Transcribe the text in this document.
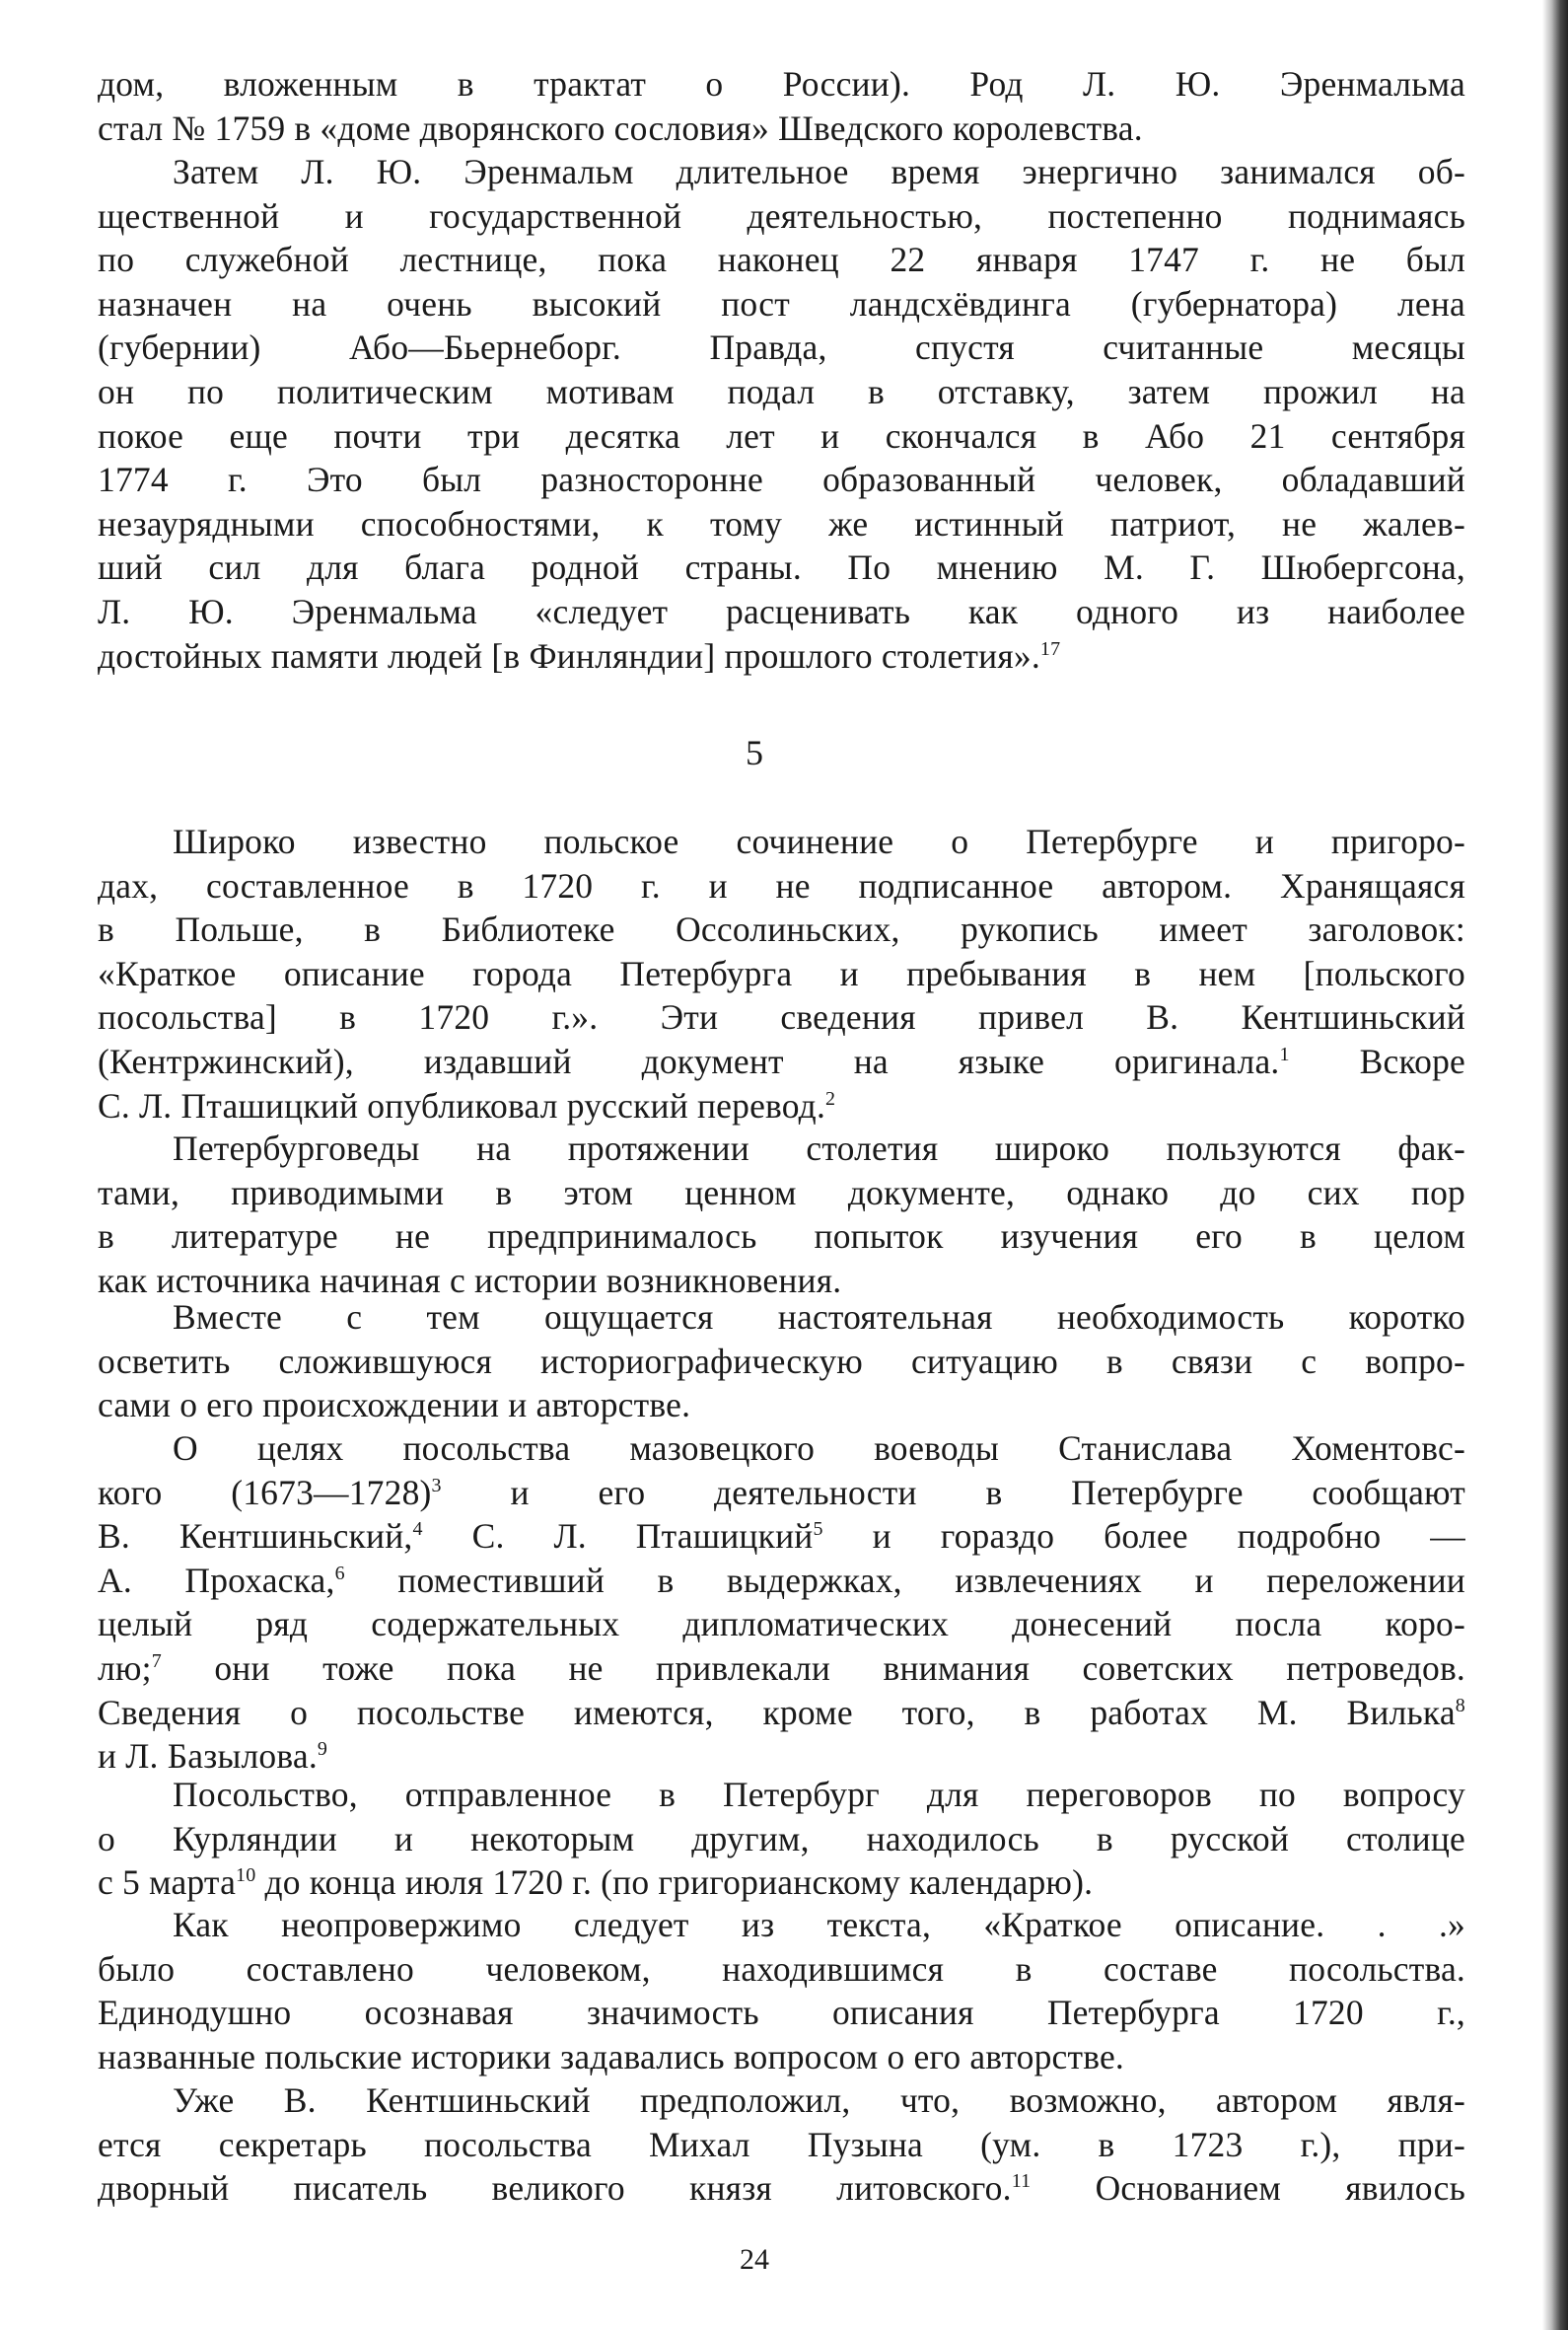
дом, вложенным в трактат о России). Род Л. Ю. Эренмальма
стал № 1759 в «доме дворянского сословия» Шведского королевства.
Затем Л. Ю. Эренмальм длительное время энергично занимался об-
щественной и государственной деятельностью, постепенно поднимаясь
по служебной лестнице, пока наконец 22 января 1747 г. не был
назначен на очень высокий пост ландсхёвдинга (губернатора) лена
(губернии) Або—Бьернеборг. Правда, спустя считанные месяцы
он по политическим мотивам подал в отставку, затем прожил на
покое еще почти три десятка лет и скончался в Або 21 сентября
1774 г. Это был разносторонне образованный человек, обладавший
незаурядными способностями, к тому же истинный патриот, не жалев-
ший сил для блага родной страны. По мнению М. Г. Шюбергсона,
Л. Ю. Эренмальма «следует расценивать как одного из наиболее
достойных памяти людей [в Финляндии] прошлого столетия».$^{17}$
Широко известно польское сочинение о Петербурге и пригоро-
дах, составленное в 1720 г. и не подписанное автором. Хранящаяся
в Польше, в Библиотеке Оссолиньских, рукопись имеет заголовок:
«Краткое описание города Петербурга и пребывания в нем [польского
посольства] в 1720 г.». Эти сведения привел В. Кентшиньский
(Кентржинский), издавший документ на языке оригинала.$^1$ Вскоре
С. Л. Пташицкий опубликовал русский перевод.$^2$
Петербурговеды на протяжении столетия широко пользуются фак-
тами, приводимыми в этом ценном документе, однако до сих пор
в литературе не предпринималось попыток изучения его в целом
как источника начиная с истории возникновения.
Вместе с тем ощущается настоятельная необходимость коротко
осветить сложившуюся историографическую ситуацию в связи с вопро-
сами о его происхождении и авторстве.
О целях посольства мазовецкого воеводы Станислава Хоментовс-
кого (1673—1728)$^3$ и его деятельности в Петербурге сообщают
В. Кентшиньский,$^4$ С. Л. Пташицкий$^5$ и гораздо более подробно —
А. Прохаска,$^6$ поместивший в выдержках, извлечениях и переложении
целый ряд содержательных дипломатических донесений посла коро-
лю;$^7$ они тоже пока не привлекали внимания советских петроведов.
Сведения о посольстве имеются, кроме того, в работах М. Вилька$^8$
и Л. Базылова.$^9$
Посольство, отправленное в Петербург для переговоров по вопросу
о Курляндии и некоторым другим, находилось в русской столице
с 5 марта$^{10}$ до конца июля 1720 г. (по григорианскому календарю).
Как неопровержимо следует из текста, «Краткое описание. . .»
было составлено человеком, находившимся в составе посольства.
Единодушно осознавая значимость описания Петербурга 1720 г.,
названные польские историки задавались вопросом о его авторстве.
Уже В. Кентшиньский предположил, что, возможно, автором явля-
ется секретарь посольства Михал Пузына (ум. в 1723 г.), при-
дворный писатель великого князя литовского.$^{11}$ Основанием явилось
5
24
